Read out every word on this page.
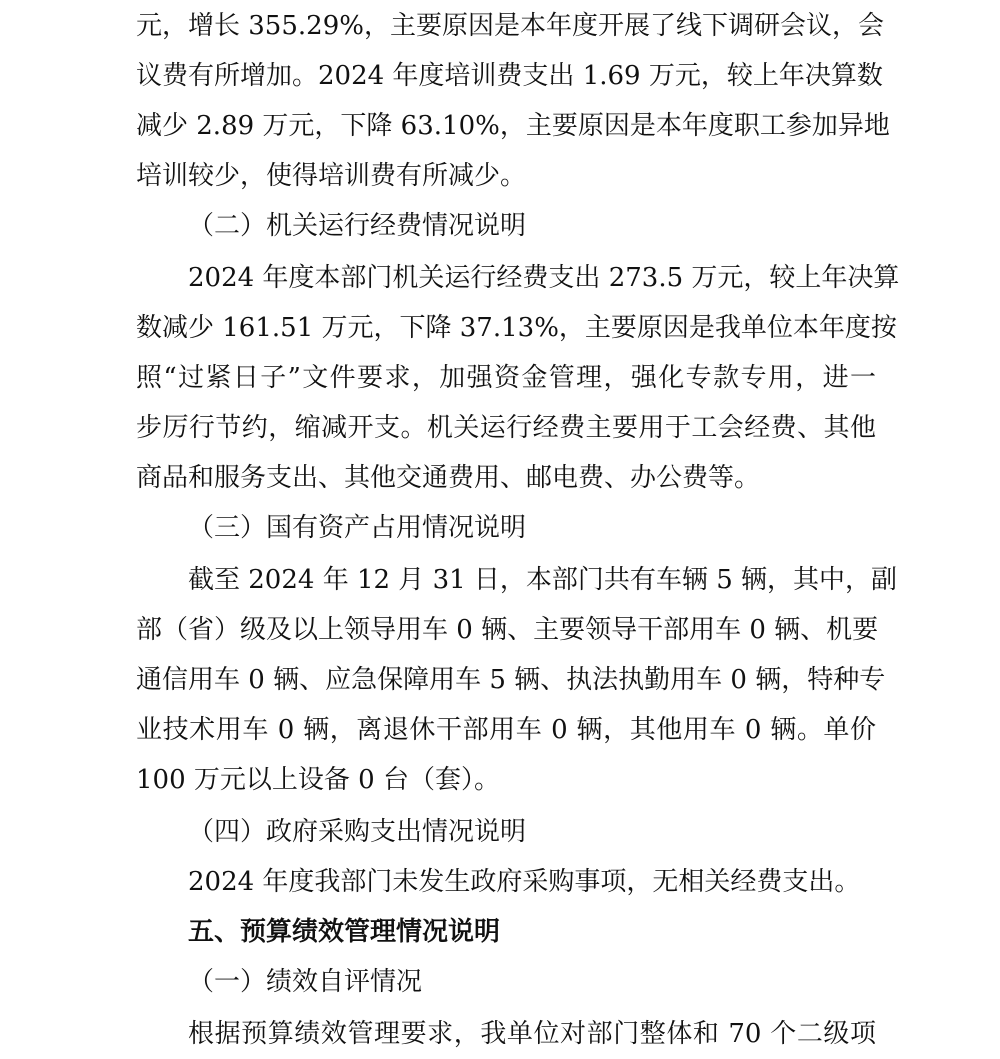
元，增长 355.29%，主要原因是本年度开展了线下调研会议，会
议费有所增加。2024 年度培训费支出 1.69 万元，较上年决算数
减少 2.89 万元，下降 63.10%，主要原因是本年度职工参加异地
培训较少，使得培训费有所减少。
（二）机关运行经费情况说明
2024 年度本部门机关运行经费支出 273.5 万元，较上年决算
数减少 161.51 万元，下降 37.13%，主要原因是我单位本年度按
照“过紧日子”文件要求，加强资金管理，强化专款专用，进一
步厉行节约，缩减开支。机关运行经费主要用于工会经费、其他
商品和服务支出、其他交通费用、邮电费、办公费等。
（三）国有资产占用情况说明
截至 2024 年 12 月 31 日，本部门共有车辆 5 辆，其中，副
部（省）级及以上领导用车 0 辆、主要领导干部用车 0 辆、机要
通信用车 0 辆、应急保障用车 5 辆、执法执勤用车 0 辆，特种专
业技术用车 0 辆，离退休干部用车 0 辆，其他用车 0 辆。单价
100 万元以上设备 0 台（套）。
（四）政府采购支出情况说明
2024 年度我部门未发生政府采购事项，无相关经费支出。
五、预算绩效管理情况说明
（一）绩效自评情况
根据预算绩效管理要求，我单位对部门整体和 70 个二级项
